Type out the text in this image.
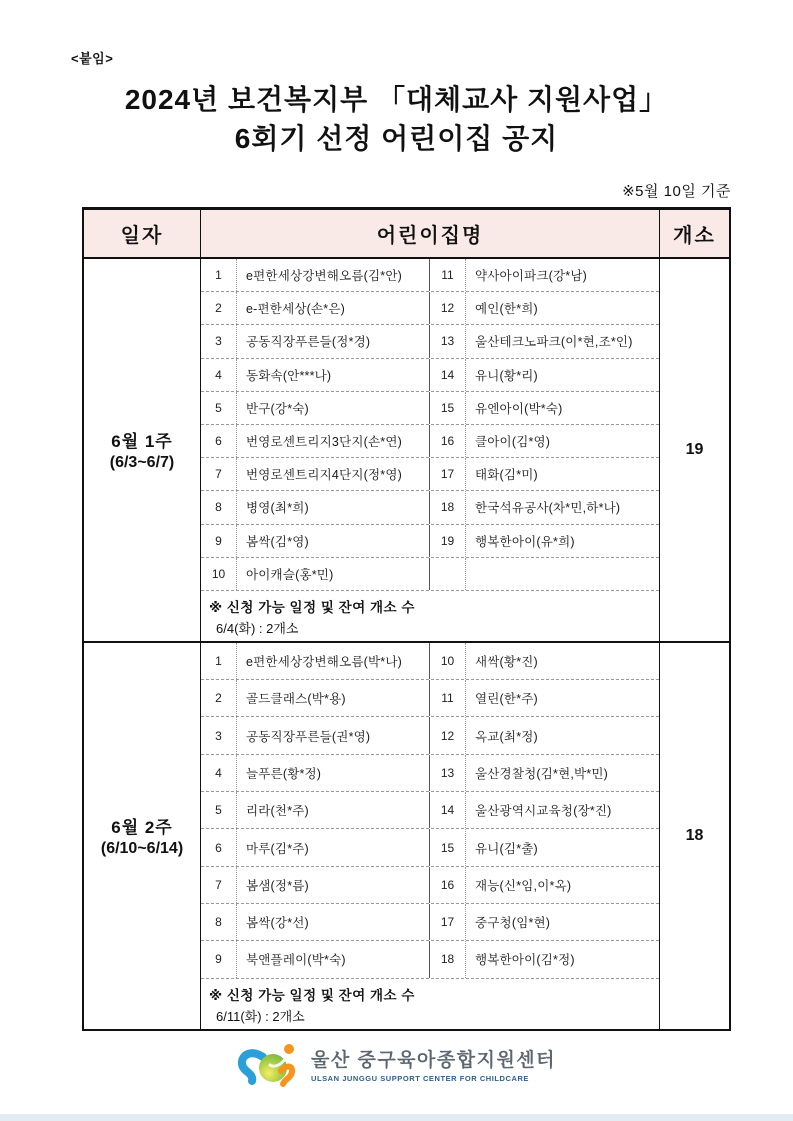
<붙임>
2024년 보건복지부 「대체교사 지원사업」
6회기 선정 어린이집 공지
※5월 10일 기준
일자	어린이집명	개소
6월 1주
(6/3~6/7)
1	e편한세상강변해오름(김*안)	11	약사아이파크(강*남)
2	e-편한세상(손*은)	12	예인(한*희)
3	공동직장푸른들(정*경)	13	울산테크노파크(이*현,조*인)
4	동화속(안***나)	14	유니(황*리)
5	반구(강*숙)	15	유엔아이(박*숙)
6	번영로센트리지3단지(손*연)	16	클아이(김*영)
7	번영로센트리지4단지(정*영)	17	태화(김*미)
8	병영(최*희)	18	한국석유공사(차*민,하*나)
9	봄싹(김*영)	19	행복한아이(유*희)
10	아이캐슬(홍*민)
※ 신청 가능 일정 및 잔여 개소 수
6/4(화) : 2개소
19
6월 2주
(6/10~6/14)
1	e편한세상강변해오름(박*나)	10	새싹(황*진)
2	골드클래스(박*용)	11	열린(한*주)
3	공동직장푸른들(권*영)	12	옥교(최*정)
4	늘푸른(황*정)	13	울산경찰청(김*현,박*민)
5	리라(천*주)	14	울산광역시교육청(장*진)
6	마루(김*주)	15	유니(김*출)
7	봄샘(정*름)	16	재능(신*임,이*옥)
8	봄싹(강*선)	17	중구청(임*현)
9	북앤플레이(박*숙)	18	행복한아이(김*정)
※ 신청 가능 일정 및 잔여 개소 수
6/11(화) : 2개소
18
울산 중구육아종합지원센터
ULSAN JUNGGU SUPPORT CENTER FOR CHILDCARE
